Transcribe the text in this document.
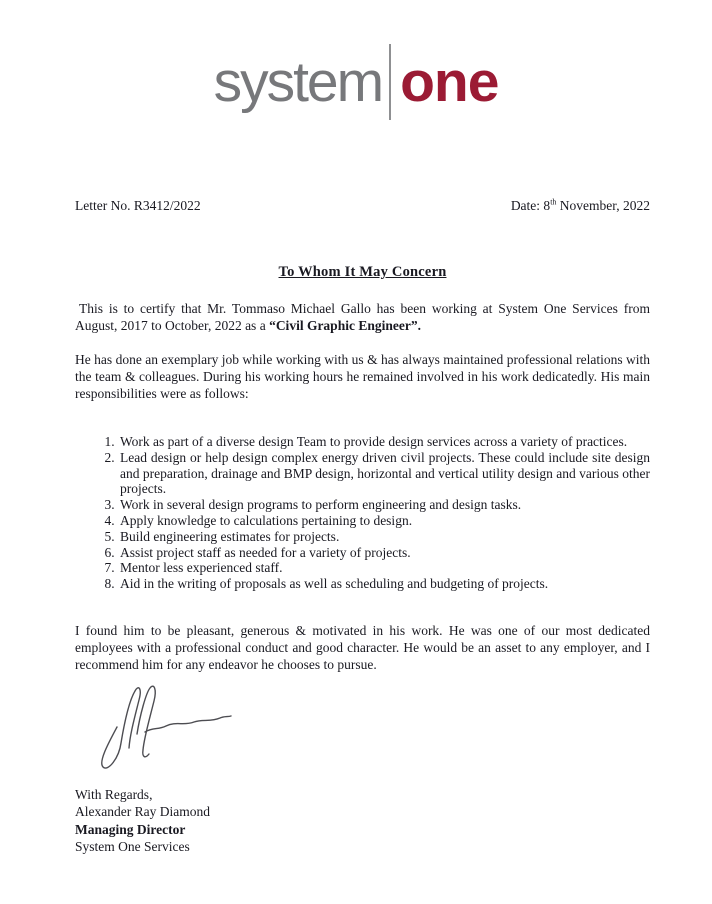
system one
Letter No. R3412/2022	Date: 8th November, 2022
To Whom It May Concern

This is to certify that Mr. Tommaso Michael Gallo has been working at System One Services from August, 2017 to October, 2022 as a “Civil Graphic Engineer”.

He has done an exemplary job while working with us & has always maintained professional relations with the team & colleagues. During his working hours he remained involved in his work dedicatedly. His main responsibilities were as follows:

1. Work as part of a diverse design Team to provide design services across a variety of practices.
2. Lead design or help design complex energy driven civil projects. These could include site design and preparation, drainage and BMP design, horizontal and vertical utility design and various other projects.
3. Work in several design programs to perform engineering and design tasks.
4. Apply knowledge to calculations pertaining to design.
5. Build engineering estimates for projects.
6. Assist project staff as needed for a variety of projects.
7. Mentor less experienced staff.
8. Aid in the writing of proposals as well as scheduling and budgeting of projects.

I found him to be pleasant, generous & motivated in his work. He was one of our most dedicated employees with a professional conduct and good character. He would be an asset to any employer, and I recommend him for any endeavor he chooses to pursue.

With Regards,
Alexander Ray Diamond
Managing Director
System One Services
